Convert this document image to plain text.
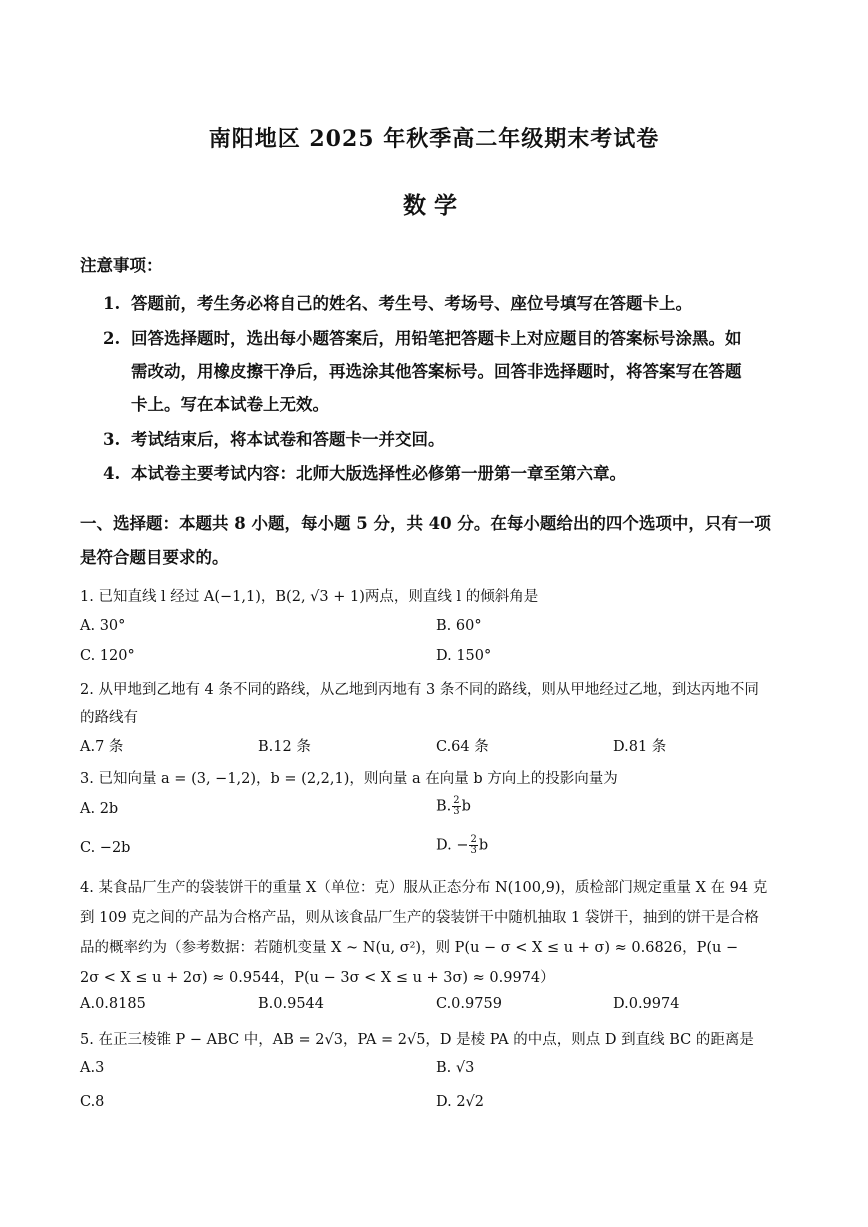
南阳地区 2025 年秋季高二年级期末考试卷
数学
注意事项：
1. 答题前，考生务必将自己的姓名、考生号、考场号、座位号填写在答题卡上。
2. 回答选择题时，选出每小题答案后，用铅笔把答题卡上对应题目的答案标号涂黑。如
需改动，用橡皮擦干净后，再选涂其他答案标号。回答非选择题时，将答案写在答题
卡上。写在本试卷上无效。
3. 考试结束后，将本试卷和答题卡一并交回。
4. 本试卷主要考试内容：北师大版选择性必修第一册第一章至第六章。
一、选择题：本题共 8 小题，每小题 5 分，共 40 分。在每小题给出的四个选项中，只有一项
是符合题目要求的。
1. 已知直线 l 经过 A(−1,1)，B(2, √3 + 1)两点，则直线 l 的倾斜角是
A. 30°	B. 60°
C. 120°	D. 150°
2. 从甲地到乙地有 4 条不同的路线，从乙地到丙地有 3 条不同的路线，则从甲地经过乙地，到达丙地不同
的路线有
A.7 条	B.12 条	C.64 条	D.81 条
3. 已知向量 a = (3, −1,2)，b = (2,2,1)，则向量 a 在向量 b 方向上的投影向量为
A. 2b	B. $\frac{2}{3}$ b
C. −2b	D. − $\frac{2}{3}$ b
4. 某食品厂生产的袋装饼干的重量 X（单位：克）服从正态分布 N(100,9)，质检部门规定重量 X 在 94 克
到 109 克之间的产品为合格产品，则从该食品厂生产的袋装饼干中随机抽取 1 袋饼干，抽到的饼干是合格
品的概率约为（参考数据：若随机变量 X ~ N(u, σ²)，则 P(u − σ < X ≤ u + σ) ≈ 0.6826，P(u −
2σ < X ≤ u + 2σ) ≈ 0.9544，P(u − 3σ < X ≤ u + 3σ) ≈ 0.9974）
A.0.8185	B.0.9544	C.0.9759	D.0.9974
5. 在正三棱锥 P − ABC 中，AB = 2√3，PA = 2√5，D 是棱 PA 的中点，则点 D 到直线 BC 的距离是
A.3	B. √3
C.8	D. 2√2
